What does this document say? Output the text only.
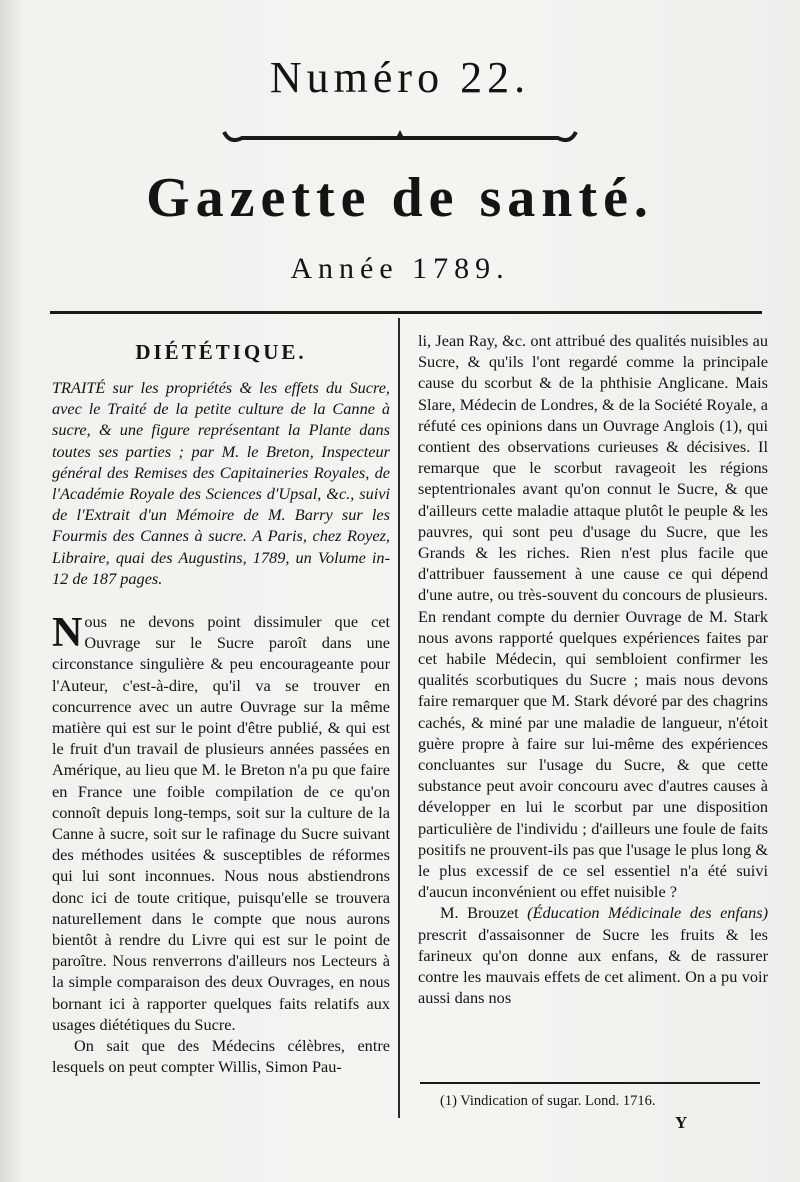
Numéro 22.
Gazette de santé.
Année 1789.
DIÉTÉTIQUE.
TRAITÉ sur les propriétés & les effets du Sucre, avec le Traité de la petite culture de la Canne à sucre, & une figure représentant la Plante dans toutes ses parties ; par M. le Breton, Inspecteur général des Remises des Capitaineries Royales, de l'Académie Royale des Sciences d'Upsal, &c., suivi de l'Extrait d'un Mémoire de M. Barry sur les Fourmis des Cannes à sucre. A Paris, chez Royez, Libraire, quai des Augustins, 1789, un Volume in-12 de 187 pages.

Nous ne devons point dissimuler que cet Ouvrage sur le Sucre paroît dans une circonstance singulière & peu encourageante pour l'Auteur, c'est-à-dire, qu'il va se trouver en concurrence avec un autre Ouvrage sur la même matière qui est sur le point d'être publié, & qui est le fruit d'un travail de plusieurs années passées en Amérique, au lieu que M. le Breton n'a pu que faire en France une foible compilation de ce qu'on connoît depuis long-temps, soit sur la culture de la Canne à sucre, soit sur le rafinage du Sucre suivant des méthodes usitées & susceptibles de réformes qui lui sont inconnues. Nous nous abstiendrons donc ici de toute critique, puisqu'elle se trouvera naturellement dans le compte que nous aurons bientôt à rendre du Livre qui est sur le point de paroître. Nous renverrons d'ailleurs nos Lecteurs à la simple comparaison des deux Ouvrages, en nous bornant ici à rapporter quelques faits relatifs aux usages diététiques du Sucre.

On sait que des Médecins célèbres, entre lesquels on peut compter Willis, Simon Pau-

li, Jean Ray, &c. ont attribué des qualités nuisibles au Sucre, & qu'ils l'ont regardé comme la principale cause du scorbut & de la phthisie Anglicane. Mais Slare, Médecin de Londres, & de la Société Royale, a réfuté ces opinions dans un Ouvrage Anglois (1), qui contient des observations curieuses & décisives. Il remarque que le scorbut ravageoit les régions septentrionales avant qu'on connut le Sucre, & que d'ailleurs cette maladie attaque plutôt le peuple & les pauvres, qui sont peu d'usage du Sucre, que les Grands & les riches. Rien n'est plus facile que d'attribuer faussement à une cause ce qui dépend d'une autre, ou très-souvent du concours de plusieurs. En rendant compte du dernier Ouvrage de M. Stark nous avons rapporté quelques expériences faites par cet habile Médecin, qui sembloient confirmer les qualités scorbutiques du Sucre ; mais nous devons faire remarquer que M. Stark dévoré par des chagrins cachés, & miné par une maladie de langueur, n'étoit guère propre à faire sur lui-même des expériences concluantes sur l'usage du Sucre, & que cette substance peut avoir concouru avec d'autres causes à développer en lui le scorbut par une disposition particulière de l'individu ; d'ailleurs une foule de faits positifs ne prouvent-ils pas que l'usage le plus long & le plus excessif de ce sel essentiel n'a été suivi d'aucun inconvénient ou effet nuisible ?

M. Brouzet (Éducation Médicinale des enfans) prescrit d'assaisonner de Sucre les fruits & les farineux qu'on donne aux enfans, & de rassurer contre les mauvais effets de cet aliment. On a pu voir aussi dans nos

(1) Vindication of sugar. Lond. 1716.
Y
